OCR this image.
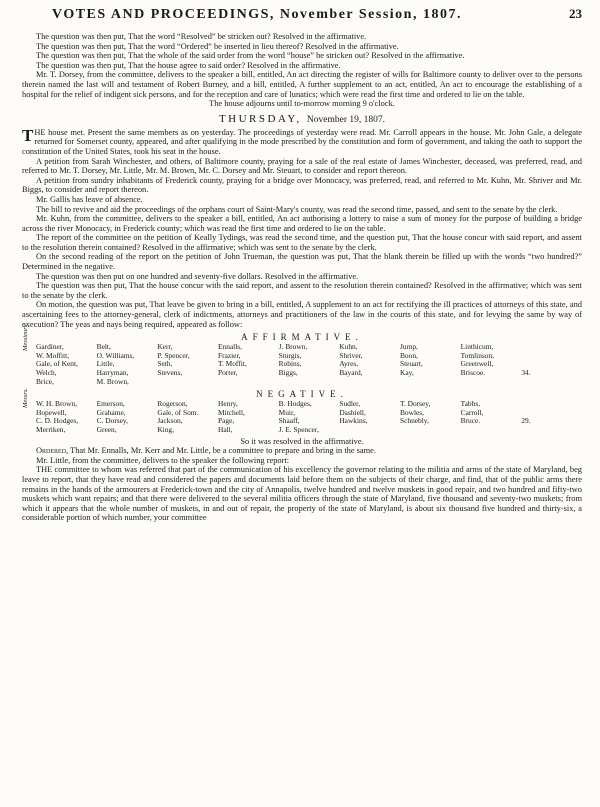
VOTES AND PROCEEDINGS, November Session, 1807.	23

The question was then put, That the word “Resolved” be stricken out? Resolved in the affirmative.

The question was then put, That the word “Ordered” be inserted in lieu thereof? Resolved in the affirmative.

The question was then put, That the whole of the said order from the word “house” be stricken out? Resolved in the affirmative.

The question was then put, That the house agree to said order? Resolved in the affirmative.

Mr. T. Dorsey, from the committee, delivers to the speaker a bill, entitled, An act directing the register of wills for Baltimore county to deliver over to the persons therein named the last will and testament of Robert Burney, and a bill, entitled, A further supplement to an act, entitled, An act to encourage the establishing of a hospital for the relief of indigent sick persons, and for the reception and care of lunatics; which were read the first time and ordered to lie on the table.

The house adjourns until to-morrow morning 9 o'clock.

THURSDAY, November 19, 1807.

THE house met. Present the same members as on yesterday. The proceedings of yesterday were read. Mr. Carroll appears in the house. Mr. John Gale, a delegate returned for Somerset county, appeared, and after qualifying in the mode prescribed by the constitution and form of government, and taking the oath to support the constitution of the United States, took his seat in the house.

A petition from Sarah Winchester, and others, of Baltimore county, praying for a sale of the real estate of James Winchester, deceased, was preferred, read, and referred to Mr. T. Dorsey, Mr. Little, Mr. M. Brown, Mr. C. Dorsey and Mr. Steuart, to consider and report thereon.

A petition from sundry inhabitants of Frederick county, praying for a bridge over Monocacy, was preferred, read, and referred to Mr. Kuhn, Mr. Shriver and Mr. Biggs, to consider and report thereon.

Mr. Gallis has leave of absence.

The bill to revive and aid the proceedings of the orphans court of Saint-Mary's county, was read the second time, passed, and sent to the senate by the clerk.

Mr. Kuhn, from the committee, delivers to the speaker a bill, entitled, An act authorising a lottery to raise a sum of money for the purpose of building a bridge across the river Monocacy, in Frederick county; which was read the first time and ordered to lie on the table.

The report of the committee on the petition of Keally Tydings, was read the second time, and the question put, That the house concur with said report, and assent to the resolution therein contained? Resolved in the affirmative; which was sent to the senate by the clerk.

On the second reading of the report on the petition of John Trueman, the question was put, That the blank therein be filled up with the words “two hundred?” Determined in the negative.

The question was then put on one hundred and seventy-five dollars. Resolved in the affirmative.

The question was then put, That the house concur with the said report, and assent to the resolution therein contained? Resolved in the affirmative; which was sent to the senate by the clerk.

On motion, the question was put, That leave be given to bring in a bill, entitled, A supplement to an act for rectifying the ill practices of attorneys of this state, and ascertaining fees to the attorney-general, clerk of indictments, attorneys and practitioners of the law in the courts of this state, and for levying the same by way of execution? The yeas and nays being required, appeared as follow:

AFFIRMATIVE.
Messieurs Gardiner,	Belt,	Kerr,	Ennalls,	J. Brown,	Kuhn,	Jump,	Linthicum,
W. Moffitt,	O. Williams,	P. Spencer,	Frazier,	Sturgis,	Shriver,	Boon,	Tomlinson,
Gale, of Kent,	Little,	Seth,	T. Moffit,	Robins,	Ayres,	Steuart,	Greenwell,
Welch,	Harryman,	Stevens,	Porter,	Biggs,	Bayard,	Kay,	Briscoe.	34.
Brice,	M. Brown,
NEGATIVE.
Messrs. W. H. Brown,	Emerson,	Rogerson,	Henry,	B. Hodges,	Sudler,	T. Dorsey,	Tabbs,
Hopewell,	Grahame,	Gale, of Som.	Mitchell,	Muir,	Dashiell,	Bowles,	Carroll,
C. D. Hodges,	C. Dorsey,	Jackson,	Page,	Shaaff,	Hawkins,	Schnebly,	Bruce.	29.
Merriken,	Green,	King,	Hall,	J. E. Spencer,

So it was resolved in the affirmative.

Ordered, That Mr. Ennalls, Mr. Kerr and Mr. Little, be a committee to prepare and bring in the same.

Mr. Little, from the committee, delivers to the speaker the following report:

THE committee to whom was referred that part of the communication of his excellency the governor relating to the militia and arms of the state of Maryland, beg leave to report, that they have read and considered the papers and documents laid before them on the subjects of their charge, and find, that of the public arms there remains in the hands of the armourers at Frederick-town and the city of Annapolis, twelve hundred and twelve muskets in good repair, and two hundred and fifty-two muskets which want repairs; and that there were delivered to the several militia officers through the state of Maryland, five thousand and seventy-two muskets; from which it appears that the whole number of muskets, in and out of repair, the property of the state of Maryland, is about six thousand five hundred and thirty-six, a considerable portion of which number, your committee
